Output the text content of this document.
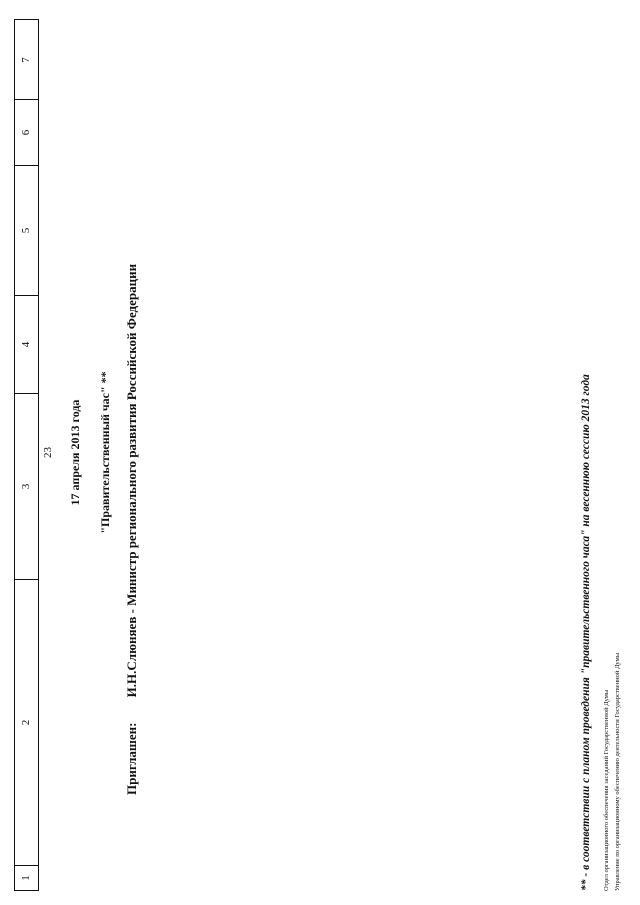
1
2
3
4
5
6
7
23 17 апреля 2013 года "Правительственный час" **
Приглашен: И.Н.Слюняев - Министр регионального развития Российской Федерации	** - в соответствии с планом проведения "правительственного часа" на весеннюю сессию 2013 года Отдел организационного обеспечения заседаний Государственной Думы Управление по организационному обеспечению деятельности Государственной Думы
